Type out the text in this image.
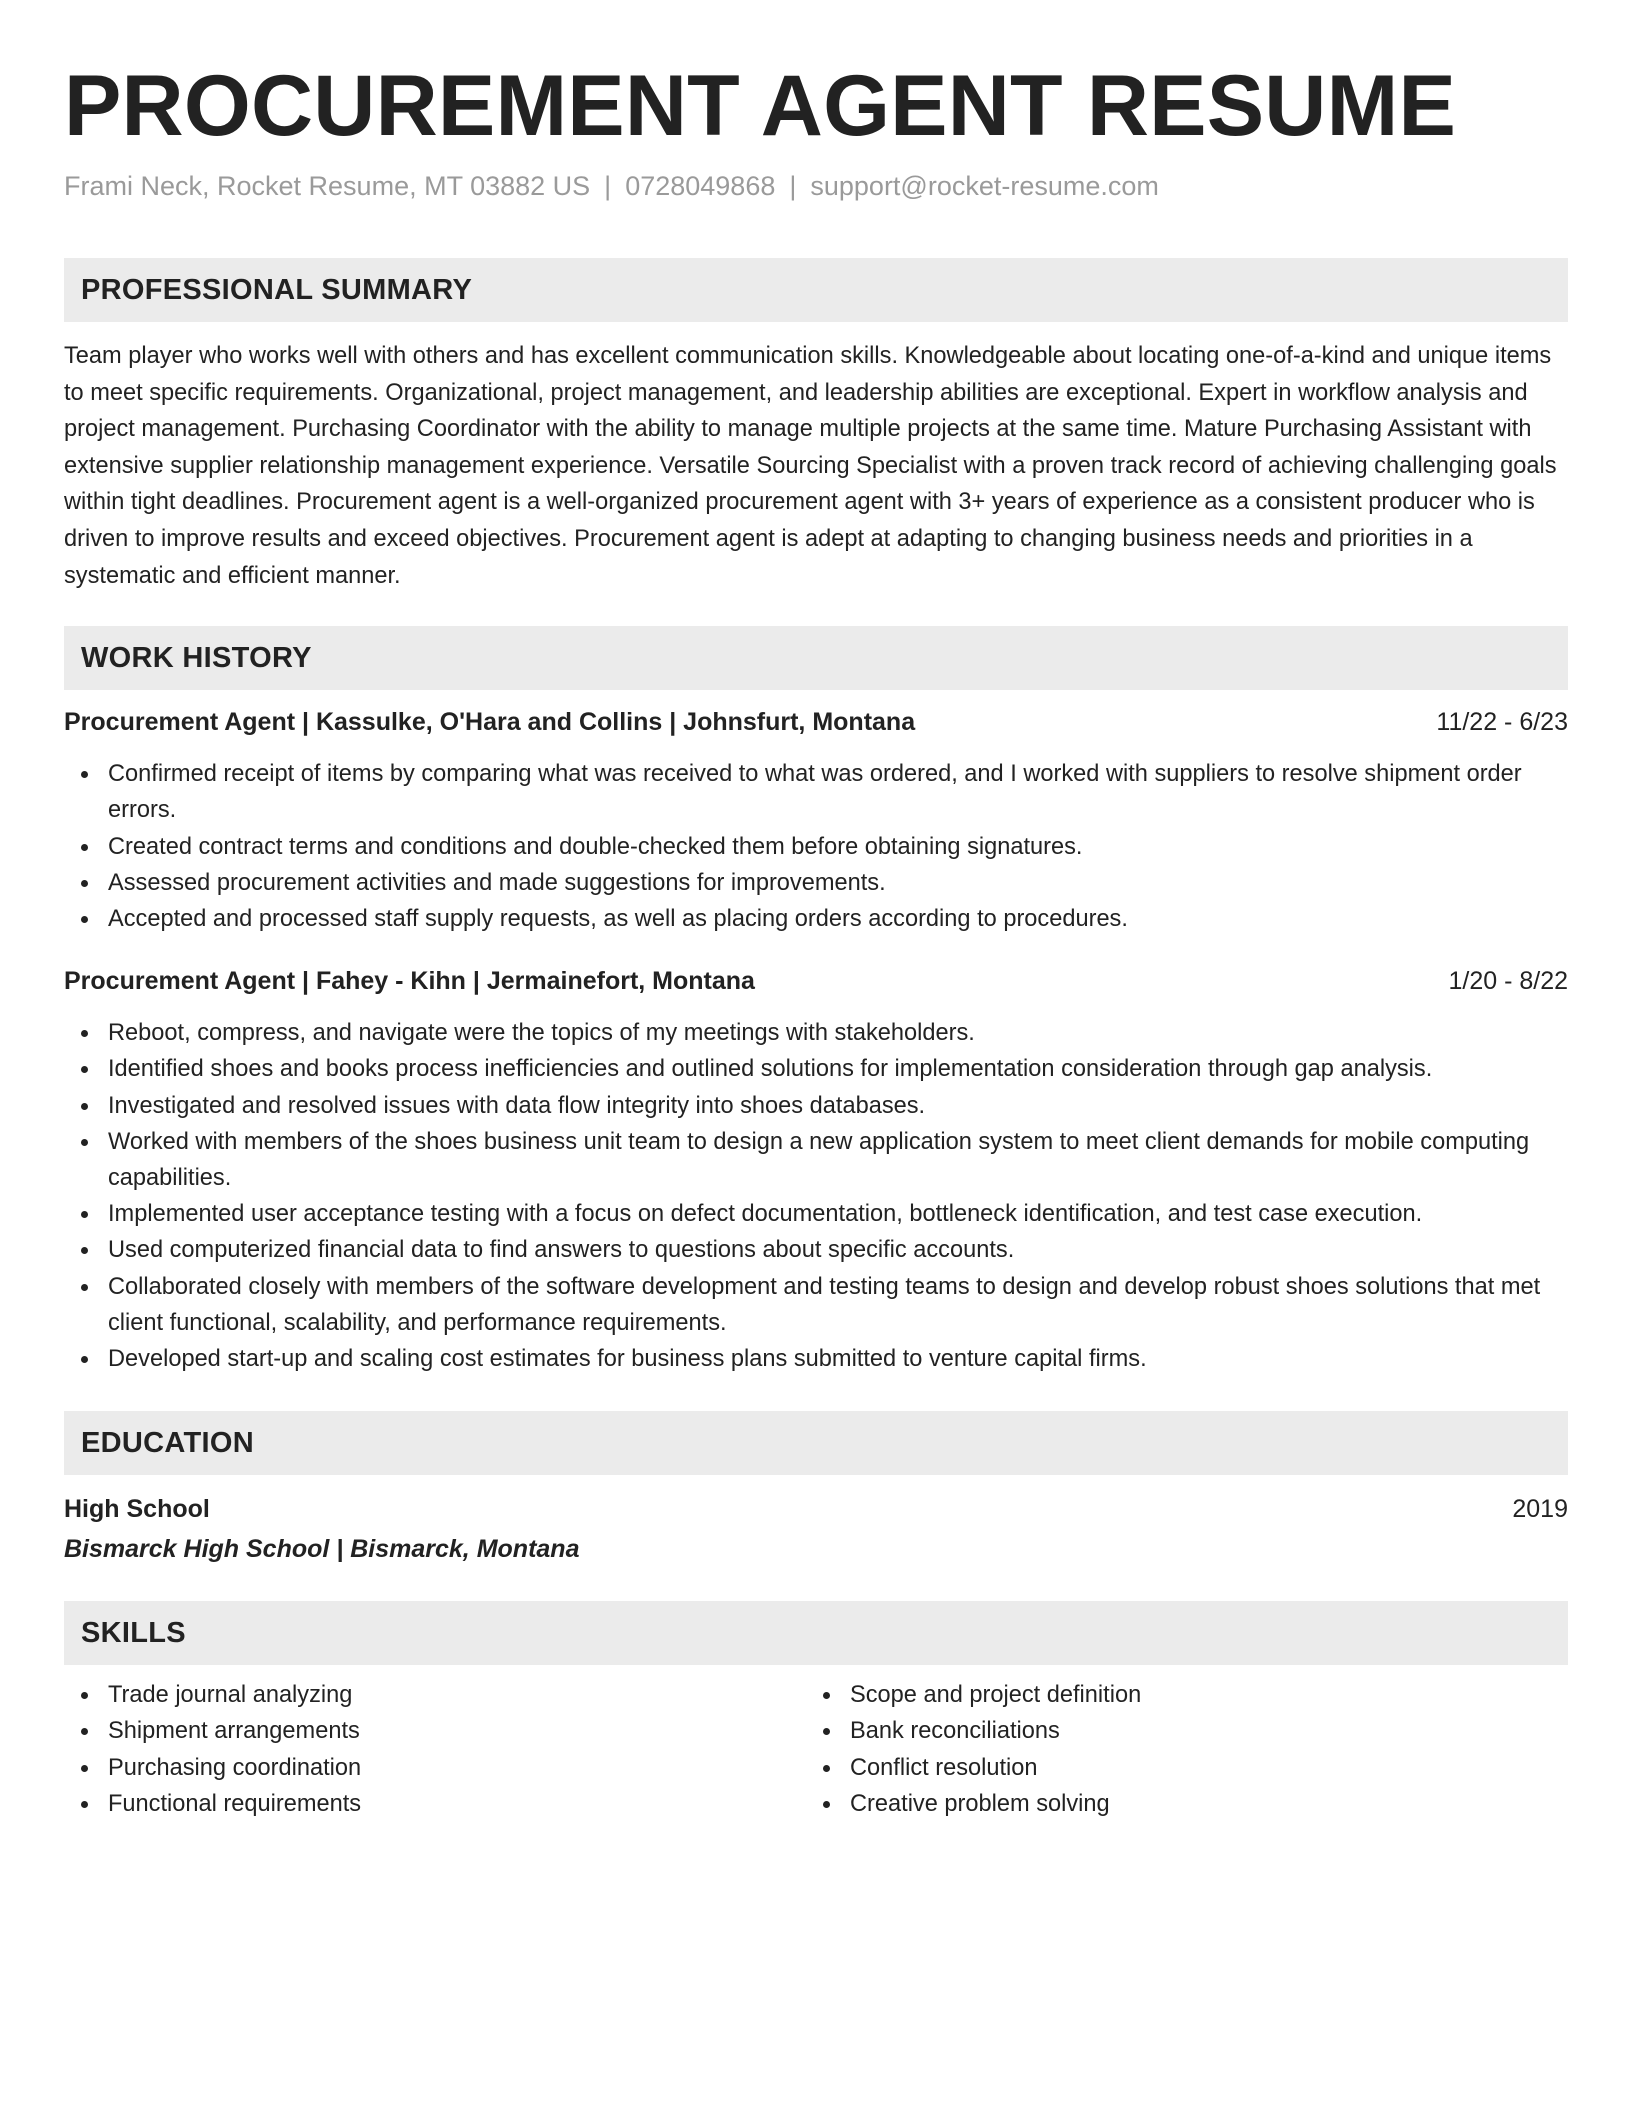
PROCUREMENT AGENT RESUME
Frami Neck, Rocket Resume, MT 03882 US | 0728049868 | support@rocket-resume.com
PROFESSIONAL SUMMARY

Team player who works well with others and has excellent communication skills. Knowledgeable about locating one-of-a-kind and unique items to meet specific requirements. Organizational, project management, and leadership abilities are exceptional. Expert in workflow analysis and project management. Purchasing Coordinator with the ability to manage multiple projects at the same time. Mature Purchasing Assistant with extensive supplier relationship management experience. Versatile Sourcing Specialist with a proven track record of achieving challenging goals within tight deadlines. Procurement agent is a well-organized procurement agent with 3+ years of experience as a consistent producer who is driven to improve results and exceed objectives. Procurement agent is adept at adapting to changing business needs and priorities in a systematic and efficient manner.

WORK HISTORY
Procurement Agent | Kassulke, O'Hara and Collins | Johnsfurt, Montana	11/22 - 6/23
Confirmed receipt of items by comparing what was received to what was ordered, and I worked with suppliers to resolve shipment order errors.
Created contract terms and conditions and double-checked them before obtaining signatures.
Assessed procurement activities and made suggestions for improvements.
Accepted and processed staff supply requests, as well as placing orders according to procedures.
Procurement Agent | Fahey - Kihn | Jermainefort, Montana	1/20 - 8/22
Reboot, compress, and navigate were the topics of my meetings with stakeholders.
Identified shoes and books process inefficiencies and outlined solutions for implementation consideration through gap analysis.
Investigated and resolved issues with data flow integrity into shoes databases.
Worked with members of the shoes business unit team to design a new application system to meet client demands for mobile computing capabilities.
Implemented user acceptance testing with a focus on defect documentation, bottleneck identification, and test case execution.
Used computerized financial data to find answers to questions about specific accounts.
Collaborated closely with members of the software development and testing teams to design and develop robust shoes solutions that met client functional, scalability, and performance requirements.
Developed start-up and scaling cost estimates for business plans submitted to venture capital firms.
EDUCATION
High School	2019
Bismarck High School | Bismarck, Montana
SKILLS
Trade journal analyzing
Shipment arrangements
Purchasing coordination
Functional requirements
Scope and project definition
Bank reconciliations
Conflict resolution
Creative problem solving
